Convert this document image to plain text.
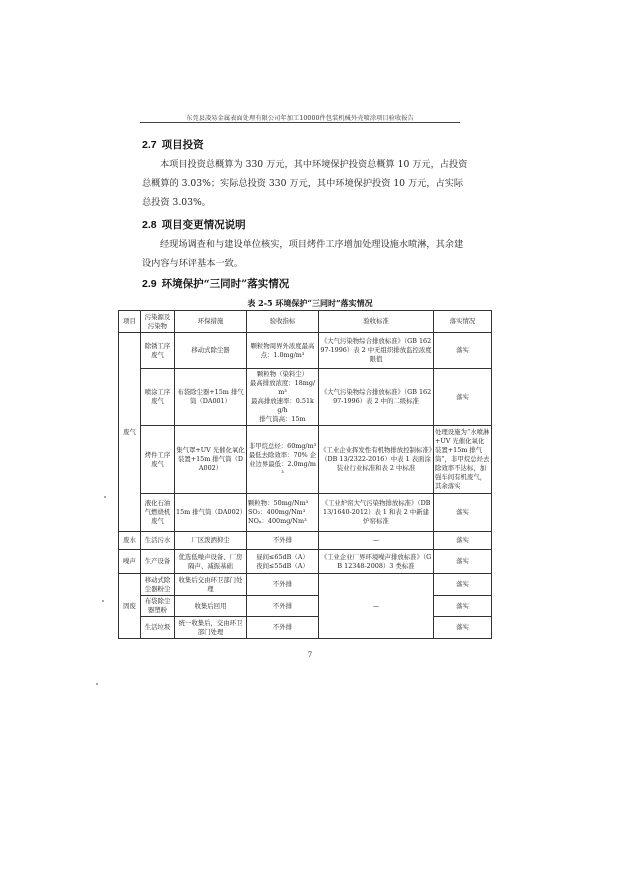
东莞县凌易金属表面处理有限公司年加工10000件包装机械外壳喷涂项目验收报告
2.7 项目投资
本项目投资总概算为 330 万元，其中环境保护投资总概算 10 万元，占投资总概算的 3.03%；实际总投资 330 万元，其中环境保护投资 10 万元，占实际总投资 3.03%。
2.8 项目变更情况说明
经现场调查和与建设单位核实，项目烤件工序增加处理设施水喷淋，其余建设内容与环评基本一致。
2.9 环境保护“三同时”落实情况
表 2-5 环境保护“三同时”落实情况
项目	污染源及污染物	环保措施	验收指标	验收标准	落实情况
废气	除锈工序废气	移动式除尘器	颗粒物周界外浓度最高点：1.0mg/m³	《大气污染物综合排放标准》（GB 16297-1996）表 2 中无组织排放监控浓度限值	落实
	喷涂工序废气	布袋除尘器+15m 排气筒（DA001）	颗粒物（染料尘）
最高排放浓度：18mg/m³
最高排放速率：0.51kg/h
排气筒高：15m	《大气污染物综合排放标准》（GB 16297-1996）表 2 中的二级标准	落实
	烤件工序废气	集气罩+UV 光催化氧化装置+15m 排气筒（DA002）	非甲烷总烃：60mg/m³ 最低去除效率：70% 企业边界最低：2.0mg/m³	《工业企业挥发性有机物排放控制标准》（DB 13/2322-2016）中表 1 表面涂装业行业标准和表 2 中标准	处理设施为“水喷淋+UV 光催化氧化装置+15m 排气筒”，非甲烷总烃去除效率不达标，加强车间有机废气，其余落实
	液化石油气燃烧机废气	15m 排气筒（DA002）	颗粒物：50mg/Nm³
SO₂：400mg/Nm³
NOₓ：400mg/Nm³	《工业炉窑大气污染物排放标准》（DB 13/1640-2012）表 1 和表 2 中新建炉窑标准	落实
废水	生活污水	厂区泼洒抑尘	不外排	—	落实
噪声	生产设备	优选低噪声设备、厂房隔声、减振基础	昼间≤65dB（A）
夜间≤55dB（A）	《工业企业厂界环境噪声排放标准》（GB 12348-2008）3 类标准	落实
固废	移动式除尘器粉尘	收集后交由环卫部门处理	不外排	—	落实
	布袋除尘器塑粉	收集后回用	不外排		落实
	生活垃圾	统一收集后，交由环卫部门处理	不外排		落实
7
